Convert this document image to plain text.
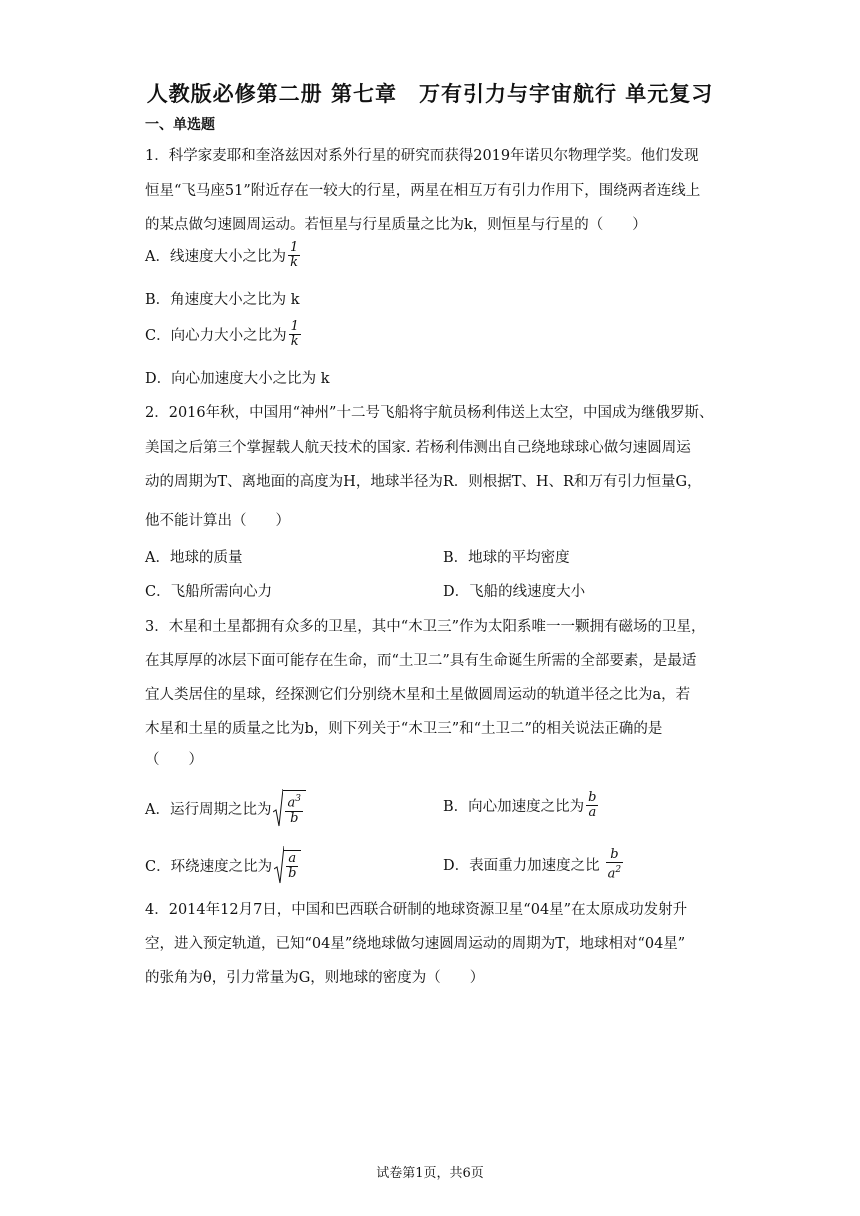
人教版必修第二册 第七章　万有引力与宇宙航行 单元复习
一、单选题
1．科学家麦耶和奎洛兹因对系外行星的研究而获得2019年诺贝尔物理学奖。他们发现
恒星“飞马座51”附近存在一较大的行星，两星在相互万有引力作用下，围绕两者连线上
的某点做匀速圆周运动。若恒星与行星质量之比为k，则恒星与行星的（　　）
A．线速度大小之比为 $\frac{1}{k}$
B．角速度大小之比为 k
C．向心力大小之比为 $\frac{1}{k}$
D．向心加速度大小之比为 k
2．2016年秋，中国用“神州”十二号飞船将宇航员杨利伟送上太空，中国成为继俄罗斯、
美国之后第三个掌握载人航天技术的国家. 若杨利伟测出自己绕地球球心做匀速圆周运
动的周期为T、离地面的高度为H，地球半径为R．则根据T、H、R和万有引力恒量G，
他不能计算出（　　）
A．地球的质量	B．地球的平均密度
C．飞船所需向心力	D．飞船的线速度大小
3．木星和土星都拥有众多的卫星，其中“木卫三”作为太阳系唯一一颗拥有磁场的卫星，
在其厚厚的冰层下面可能存在生命，而“土卫二”具有生命诞生所需的全部要素，是最适
宜人类居住的星球，经探测它们分别绕木星和土星做圆周运动的轨道半径之比为a，若
木星和土星的质量之比为b，则下列关于“木卫三”和“土卫二”的相关说法正确的是
（　　）
A．运行周期之比为 $\frac{a^3}{b}$	B．向心加速度之比为 $\frac{b}{a}$
C．环绕速度之比为 $\frac{a}{b}$	D．表面重力加速度之比 $\frac{b}{a^2}$
4．2014年12月7日，中国和巴西联合研制的地球资源卫星“04星”在太原成功发射升
空，进入预定轨道，已知“04星”绕地球做匀速圆周运动的周期为T，地球相对“04星”
的张角为θ，引力常量为G，则地球的密度为（　　）
试卷第1页，共6页
